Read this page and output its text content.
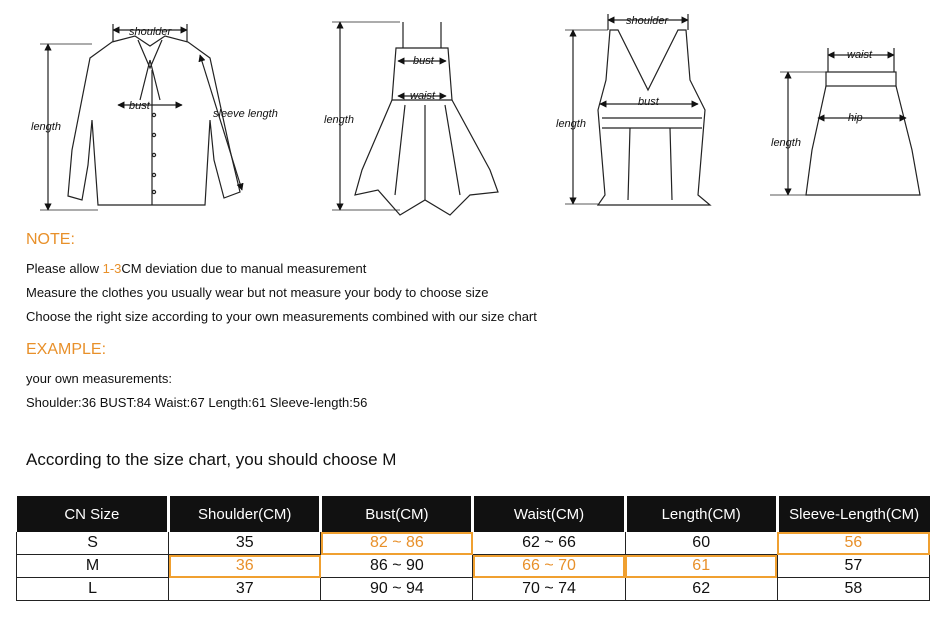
shoulder
bust
length
sleeve length
bust
waist
length
shoulder
bust
length
waist
hip
length
NOTE:
Please allow 1-3CM deviation due to manual measurement
Measure the clothes you usually wear but not measure your body to choose size
Choose the right size according to your own measurements combined with our size chart
EXAMPLE:
your own measurements:
Shoulder:36 BUST:84 Waist:67 Length:61 Sleeve-length:56
According to the size chart, you should choose M
CN Size	Shoulder(CM)	Bust(CM)	Waist(CM)	Length(CM)	Sleeve-Length(CM)
S	35	82 ~ 86	62 ~ 66	60	56
M	36	86 ~ 90	66 ~ 70	61	57
L	37	90 ~ 94	70 ~ 74	62	58
